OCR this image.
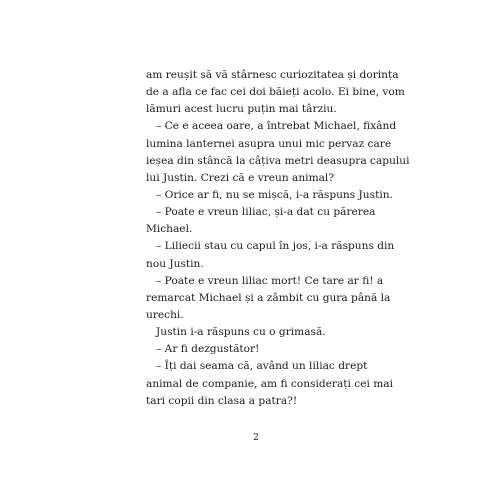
am reușit să vă stârnesc curiozitatea și dorința
de a afla ce fac cei doi băieți acolo. Ei bine, vom
lămuri acest lucru puțin mai târziu.
– Ce e aceea oare, a întrebat Michael, fixând
lumina lanternei asupra unui mic pervaz care
ieșea din stâncă la câțiva metri deasupra capului
lui Justin. Crezi că e vreun animal?
– Orice ar fi, nu se mișcă, i-a răspuns Justin.
– Poate e vreun liliac, și-a dat cu părerea
Michael.
– Liliecii stau cu capul în jos, i-a răspuns din
nou Justin.
– Poate e vreun liliac mort! Ce tare ar fi! a
remarcat Michael și a zâmbit cu gura până la
urechi.
Justin i-a răspuns cu o grimasă.
– Ar fi dezgustător!
– Îți dai seama că, având un liliac drept
animal de companie, am fi considerați cei mai
tari copii din clasa a patra?!
2
